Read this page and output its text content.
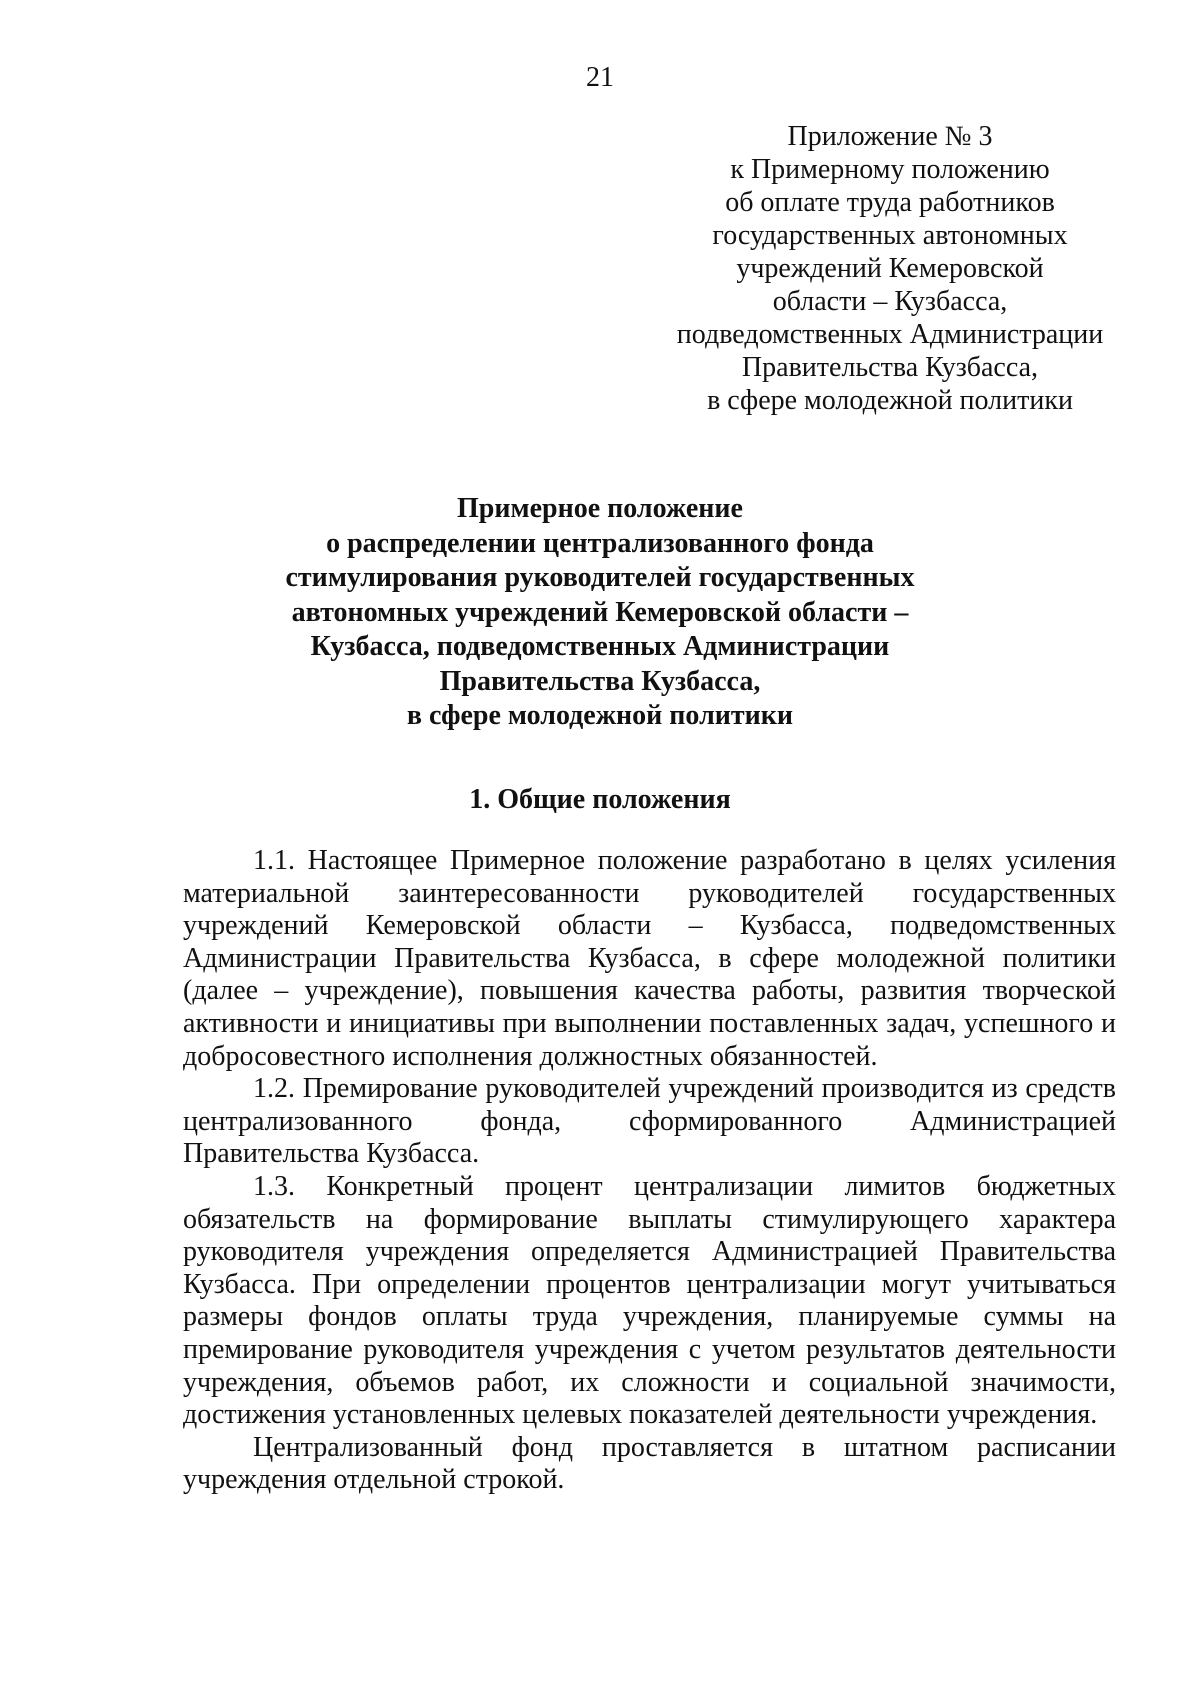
21
Приложение № 3
к Примерному положению
об оплате труда работников
государственных автономных
учреждений Кемеровской
области – Кузбасса,
подведомственных Администрации
Правительства Кузбасса,
в сфере молодежной политики
Примерное положение
о распределении централизованного фонда
стимулирования руководителей государственных
автономных учреждений Кемеровской области –
Кузбасса, подведомственных Администрации
Правительства Кузбасса,
в сфере молодежной политики
1. Общие положения

1.1. Настоящее Примерное положение разработано в целях усиления материальной заинтересованности руководителей государственных учреждений Кемеровской области – Кузбасса, подведомственных Администрации Правительства Кузбасса, в сфере молодежной политики (далее – учреждение), повышения качества работы, развития творческой активности и инициативы при выполнении поставленных задач, успешного и добросовестного исполнения должностных обязанностей.

1.2. Премирование руководителей учреждений производится из средств централизованного фонда, сформированного Администрацией Правительства Кузбасса.

1.3. Конкретный процент централизации лимитов бюджетных обязательств на формирование выплаты стимулирующего характера руководителя учреждения определяется Администрацией Правительства Кузбасса. При определении процентов централизации могут учитываться размеры фондов оплаты труда учреждения, планируемые суммы на премирование руководителя учреждения с учетом результатов деятельности учреждения, объемов работ, их сложности и социальной значимости, достижения установленных целевых показателей деятельности учреждения.

Централизованный фонд проставляется в штатном расписании учреждения отдельной строкой.
